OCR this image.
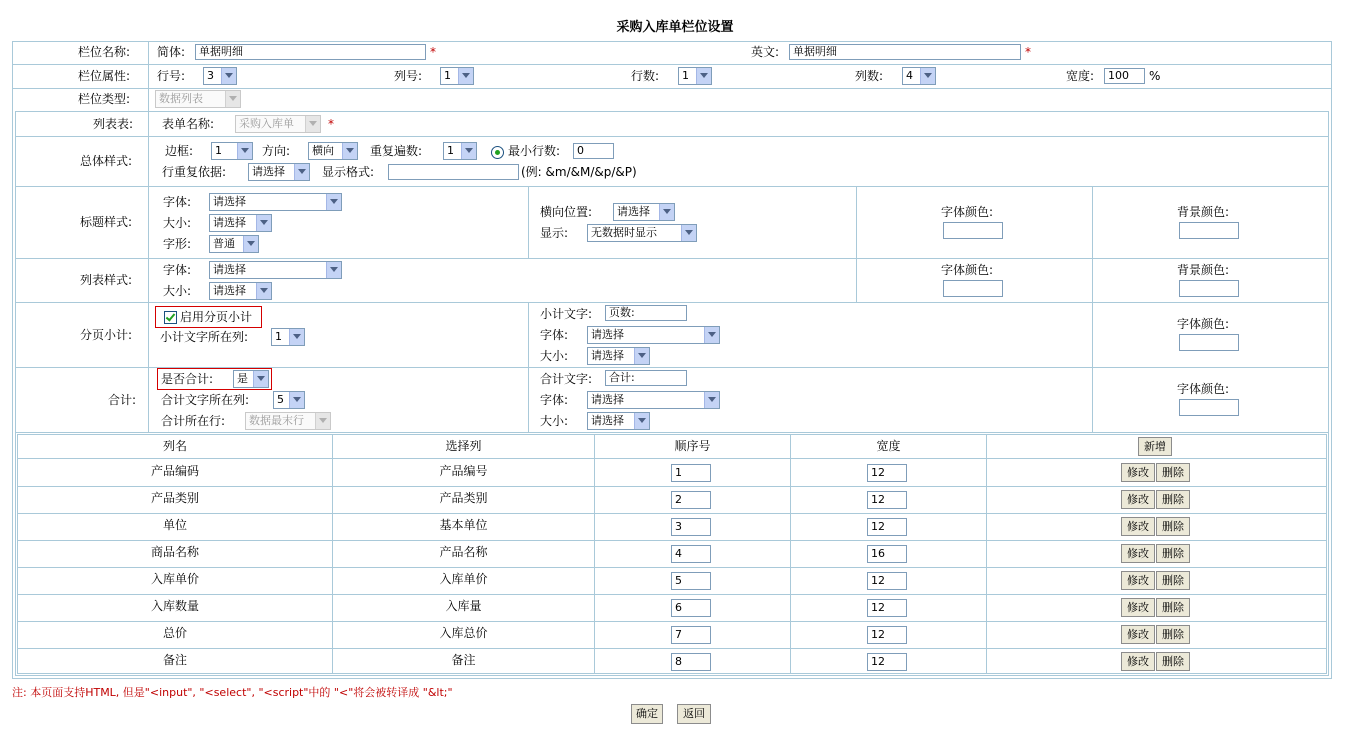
采购入库单栏位设置
栏位名称: 简体:	单据明细	*	英文:	单据明细	*
栏位属性: 行号:	3	列号:	1	行数:	1	列数:	4	宽度:	100	%
栏位类型:	数据列表
列表表: 表单名称:	采购入库单	*
总体样式:
边框:	1	方向:	横向	重复遍数:	1	最小行数:	0
行重复依据:	请选择	显示格式:	(例: &m/&M/&p/&P)
标题样式:
字体:	请选择
大小:	请选择
字形:	普通
横向位置:	请选择
显示:	无数据时显示
字体颜色:	背景颜色:
列表样式:
字体:	请选择
大小:	请选择
字体颜色:	背景颜色:
分页小计:
启用分页小计
小计文字所在列:	1
小计文字:	页数:
字体:	请选择
大小:	请选择
字体颜色:
合计:
是否合计:	是
合计文字所在列:	5
合计所在行:	数据最末行
合计文字:	合计:
字体:	请选择
大小:	请选择
字体颜色:
列名	选择列	顺序号	宽度	新增
产品编码	产品编号	1	12	修改	删除
产品类别	产品类别	2	12	修改	删除
单位	基本单位	3	12	修改	删除
商品名称	产品名称	4	16	修改	删除
入库单价	入库单价	5	12	修改	删除
入库数量	入库量	6	12	修改	删除
总价	入库总价	7	12	修改	删除
备注	备注	8	12	修改	删除
注: 本页面支持HTML, 但是"<input", "<select", "<script"中的 "<"将会被转译成 "&lt;"
确定	返回
